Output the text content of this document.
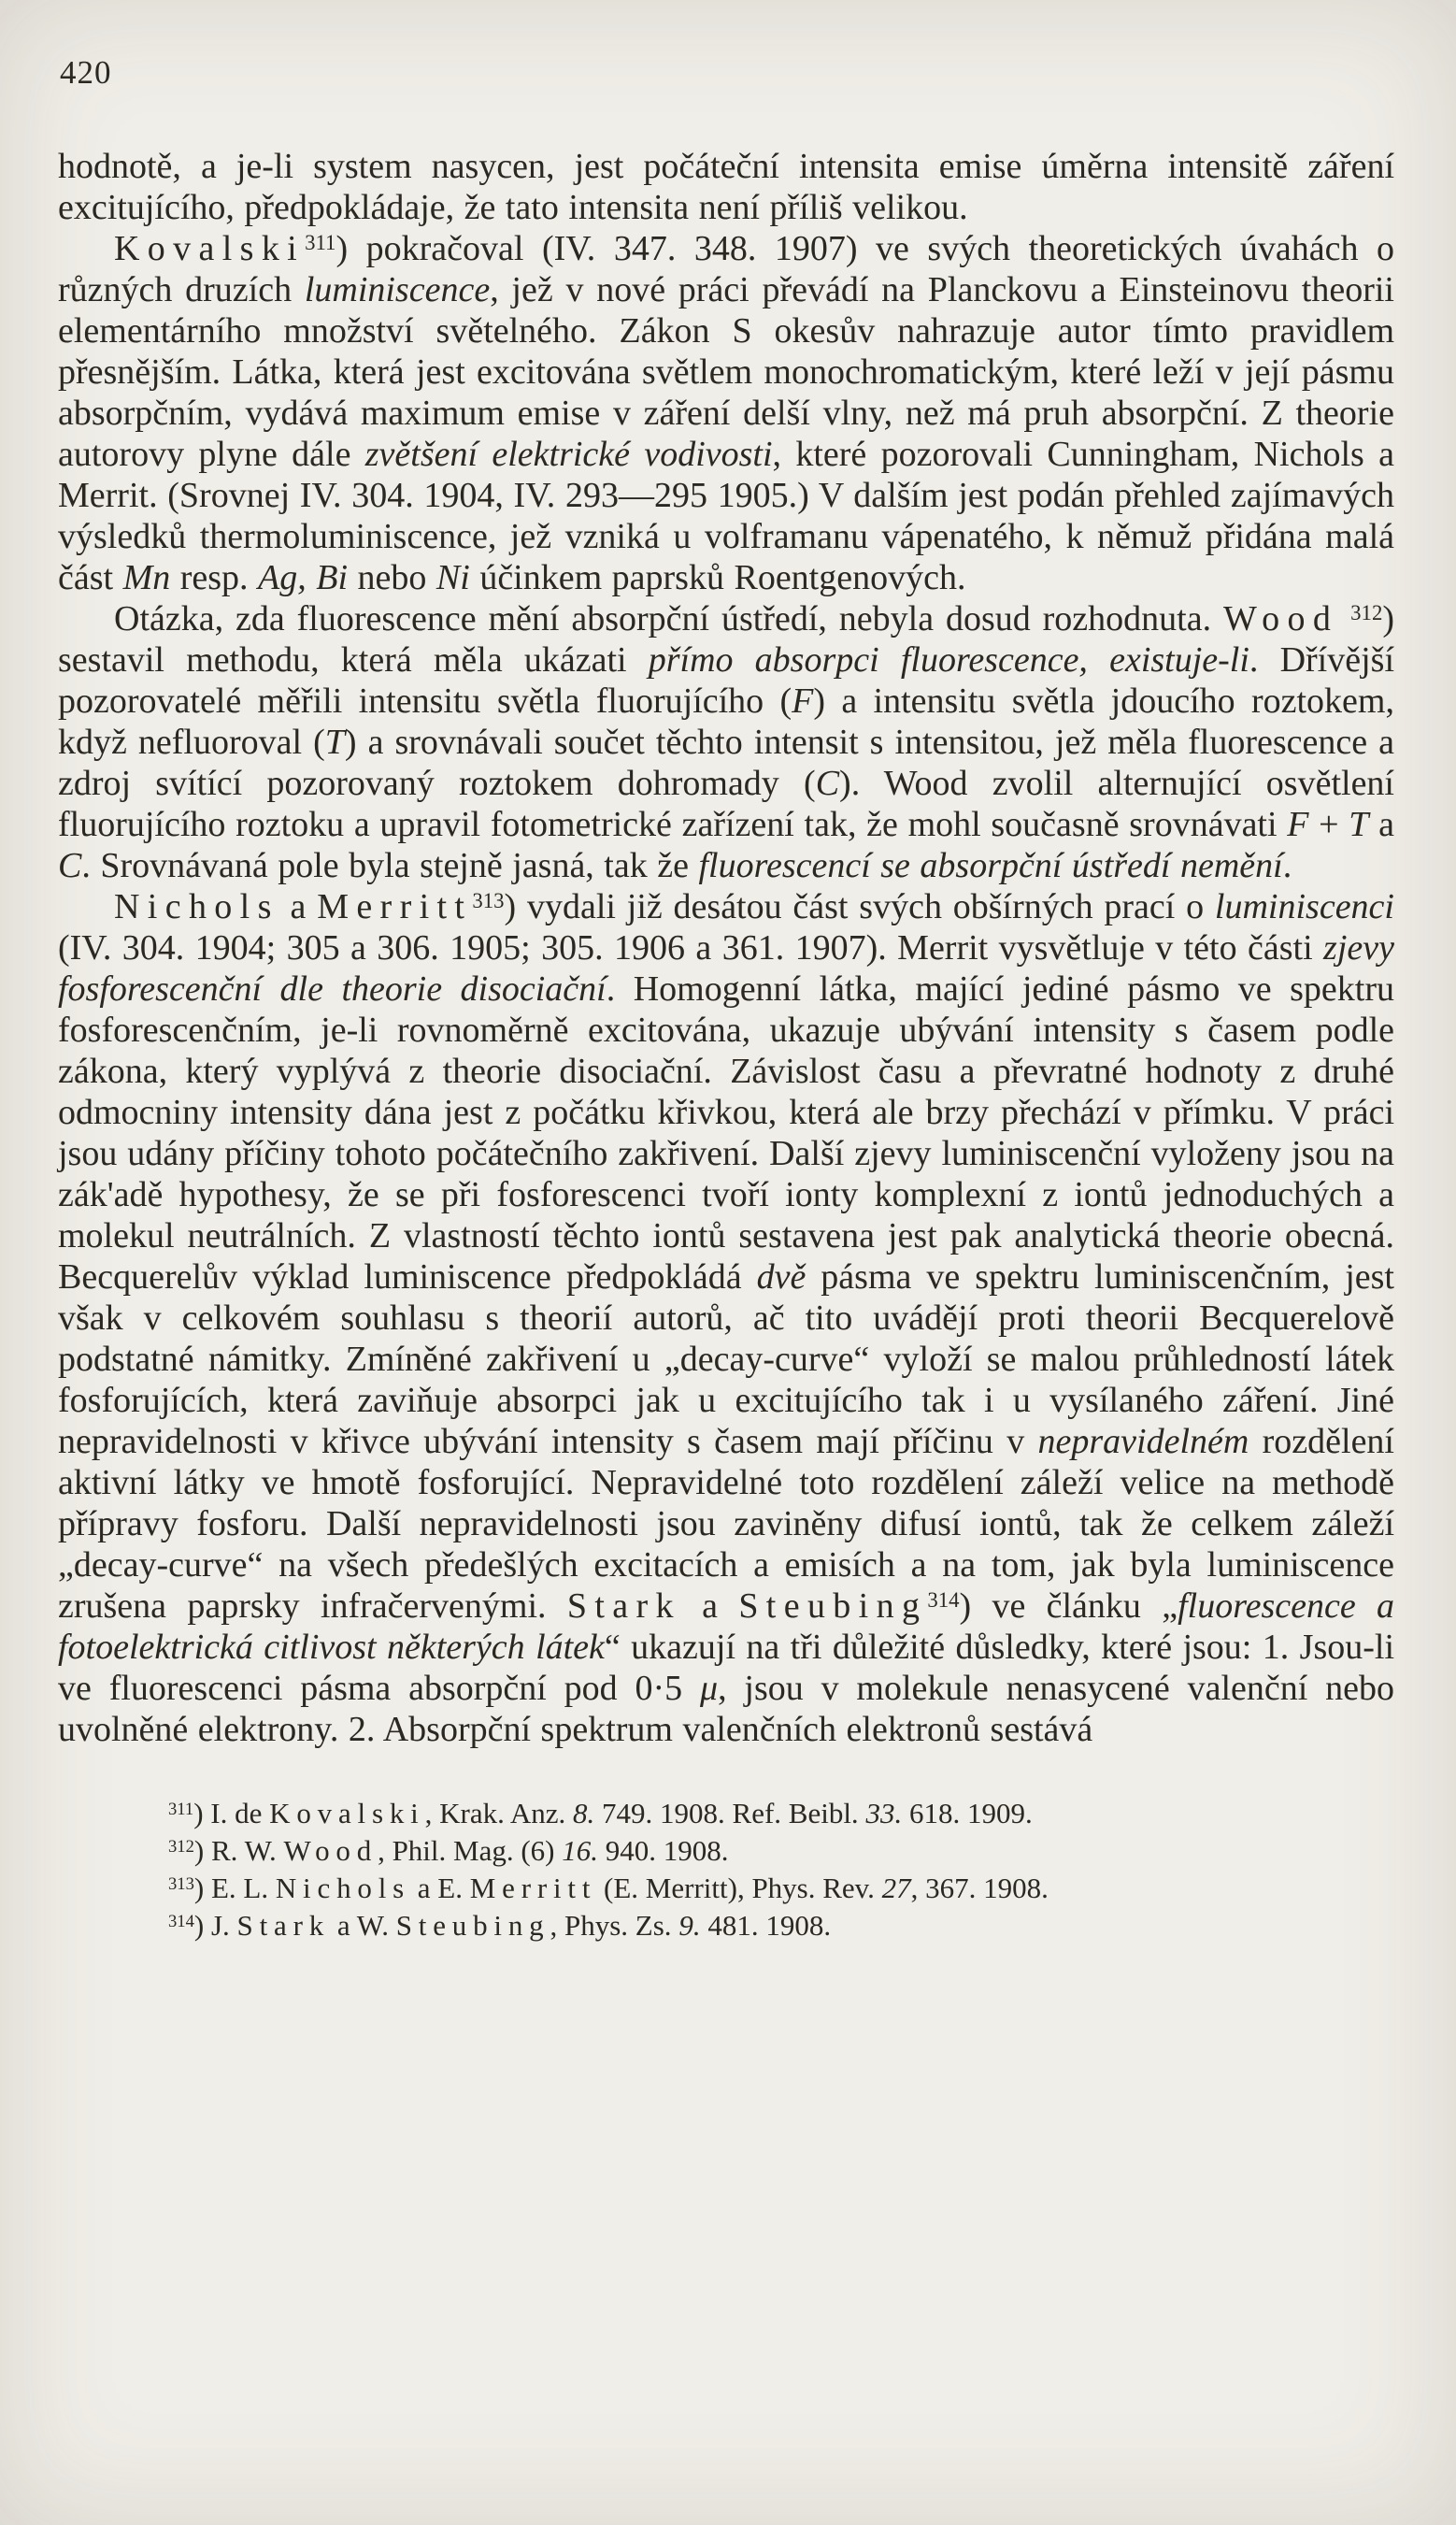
420

hodnotě, a je-li system nasycen, jest počáteční intensita emise úměrna intensitě záření excitujícího, předpokládaje, že tato intensita není příliš velikou.

Kovalski$^{311}$) pokračoval (IV. 347. 348. 1907) ve svých theoretických úvahách o různých druzích luminiscence, jež v nové práci převádí na Planckovu a Einsteinovu theorii elementárního množství světelného. Zákon S okesův nahrazuje autor tímto pravidlem přesnějším. Látka, která jest excitována světlem monochromatickým, které leží v její pásmu absorpčním, vydává maximum emise v záření delší vlny, než má pruh absorpční. Z theorie autorovy plyne dále zvětšení elektrické vodivosti, které pozorovali Cunningham, Nichols a Merrit. (Srovnej IV. 304. 1904, IV. 293—295 1905.) V dalším jest podán přehled zajímavých výsledků thermoluminiscence, jež vzniká u volframanu vápenatého, k němuž přidána malá část Mn resp. Ag, Bi nebo Ni účinkem paprsků Roentgenových.

Otázka, zda fluorescence mění absorpční ústředí, nebyla dosud rozhodnuta. Wood $^{312}$) sestavil methodu, která měla ukázati přímo absorpci fluorescence, existuje-li. Dřívější pozorovatelé měřili intensitu světla fluorujícího (F) a intensitu světla jdoucího roztokem, když nefluoroval (T) a srovnávali součet těchto intensit s intensitou, jež měla fluorescence a zdroj svítící pozorovaný roztokem dohromady (C). Wood zvolil alternující osvětlení fluorujícího roztoku a upravil fotometrické zařízení tak, že mohl současně srovnávati F + T a C. Srovnávaná pole byla stejně jasná, tak že fluorescencí se absorpční ústředí nemění.

Nichols a Merritt$^{313}$) vydali již desátou část svých obšírných prací o luminiscenci (IV. 304. 1904; 305 a 306. 1905; 305. 1906 a 361. 1907). Merrit vysvětluje v této části zjevy fosforescenční dle theorie disociační. Homogenní látka, mající jediné pásmo ve spektru fosforescenčním, je-li rovnoměrně excitována, ukazuje ubývání intensity s časem podle zákona, který vyplývá z theorie disociační. Závislost času a převratné hodnoty z druhé odmocniny intensity dána jest z počátku křivkou, která ale brzy přechází v přímku. V práci jsou udány příčiny tohoto počátečního zakřivení. Další zjevy luminiscenční vyloženy jsou na zák'adě hypothesy, že se při fosforescenci tvoří ionty komplexní z iontů jednoduchých a molekul neutrálních. Z vlastností těchto iontů sestavena jest pak analytická theorie obecná. Becquerelův výklad luminiscence předpokládá dvě pásma ve spektru luminiscenčním, jest však v celkovém souhlasu s theorií autorů, ač tito uvádějí proti theorii Becquerelově podstatné námitky. Zmíněné zakřivení u „decay-curve“ vyloží se malou průhledností látek fosforujících, která zaviňuje absorpci jak u excitujícího tak i u vysílaného záření. Jiné nepravidelnosti v křivce ubývání intensity s časem mají příčinu v nepravidelném rozdělení aktivní látky ve hmotě fosforující. Nepravidelné toto rozdělení záleží velice na methodě přípravy fosforu. Další nepravidelnosti jsou zaviněny difusí iontů, tak že celkem záleží „decay-curve“ na všech předešlých excitacích a emisích a na tom, jak byla luminiscence zrušena paprsky infračervenými. Stark a Steubing$^{314}$) ve článku „fluorescence a fotoelektrická citlivost některých látek“ ukazují na tři důležité důsledky, které jsou: 1. Jsou-li ve fluorescenci pásma absorpční pod 0·5 μ, jsou v molekule nenasycené valenční nebo uvolněné elektrony. 2. Absorpční spektrum valenčních elektronů sestává

$^{311}$) I. de Kovalski, Krak. Anz. 8. 749. 1908. Ref. Beibl. 33. 618. 1909.

$^{312}$) R. W. Wood, Phil. Mag. (6) 16. 940. 1908.

$^{313}$) E. L. Nichols a E. Merritt (E. Merritt), Phys. Rev. 27, 367. 1908.

$^{314}$) J. Stark a W. Steubing, Phys. Zs. 9. 481. 1908.
